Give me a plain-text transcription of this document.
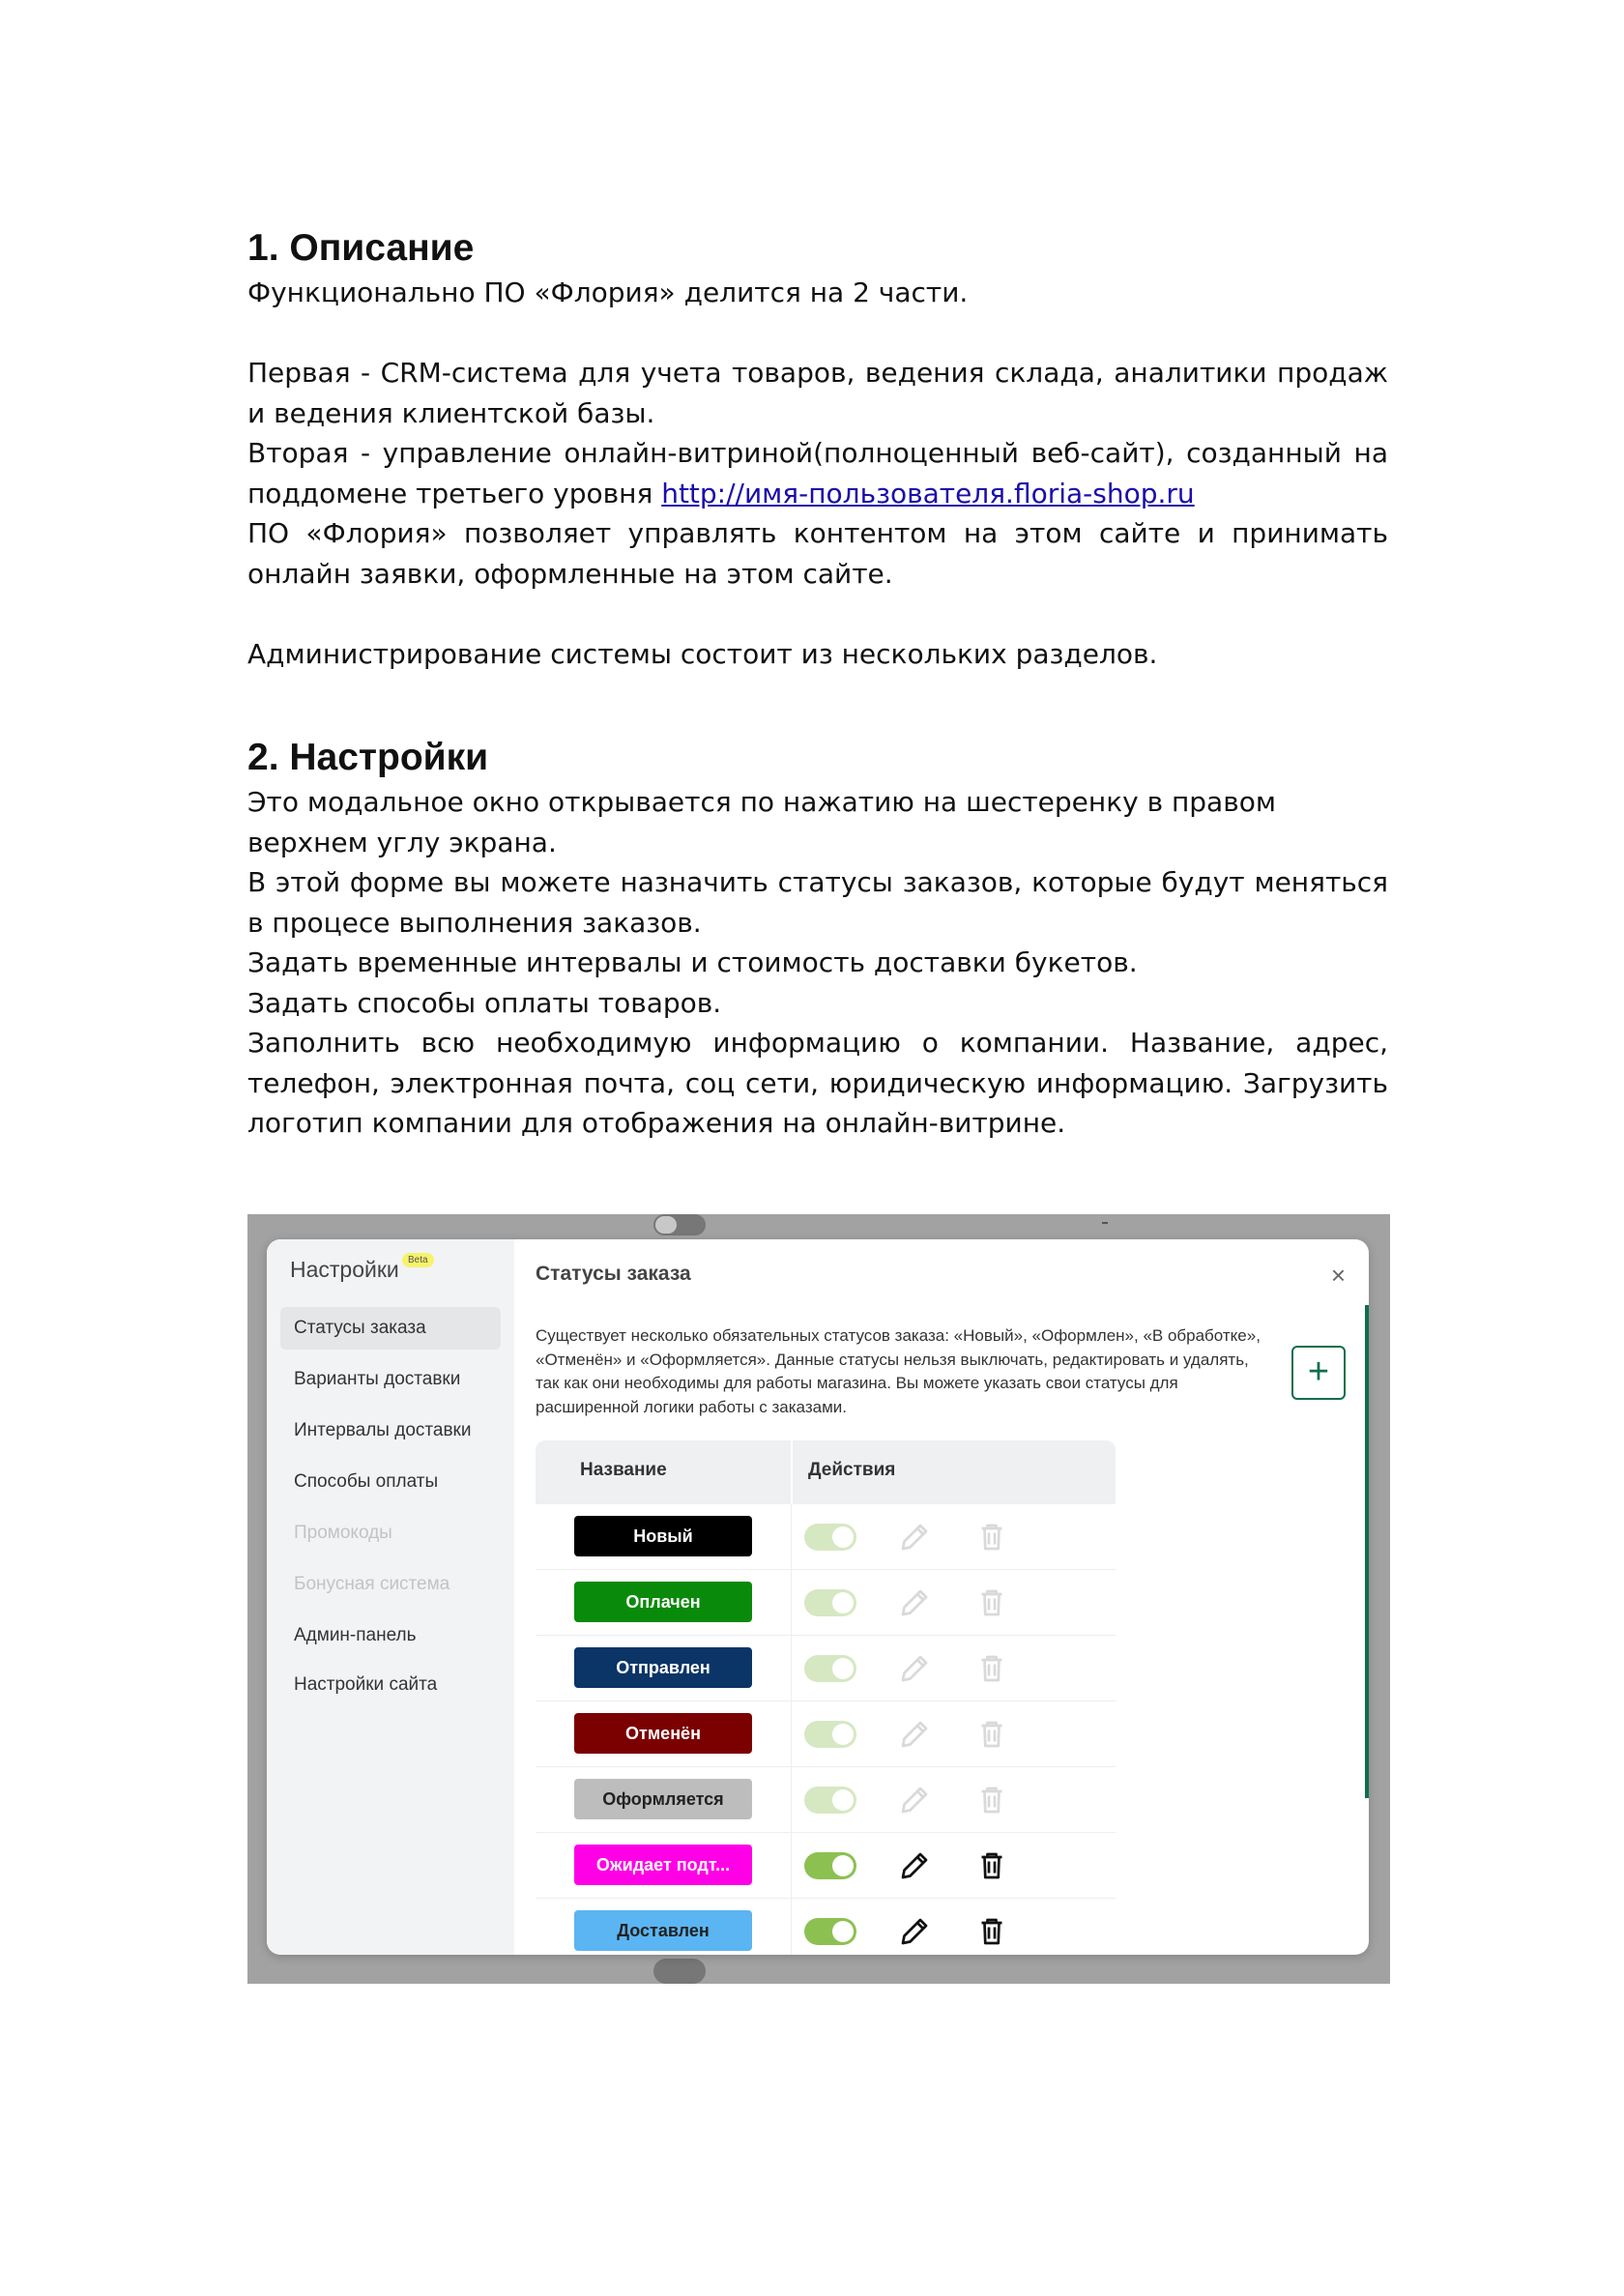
1. Описание
Функционально ПО «Флория» делится на 2 части.
Первая - CRM-система для учета товаров, ведения склада, аналитики продаж и ведения клиентской базы.
Вторая - управление онлайн-витриной(полноценный веб-сайт), созданный на поддомене третьего уровня http://имя-пользователя.floria-shop.ru
ПО «Флория» позволяет управлять контентом на этом сайте и принимать онлайн заявки, оформленные на этом сайте.
Администрирование системы состоит из нескольких разделов.
2. Настройки
Это модальное окно открывается по нажатию на шестеренку в правом верхнем углу экрана.
В этой форме вы можете назначить статусы заказов, которые будут меняться в процесе выполнения заказов.
Задать временные интервалы и стоимость доставки букетов.
Задать способы оплаты товаров.
Заполнить всю необходимую информацию о компании. Название, адрес, телефон, электронная почта, соц сети, юридическую информацию. Загрузить логотип компании для отображения на онлайн-витрине.
Настройки Beta
Статусы заказа
Варианты доставки
Интервалы доставки
Способы оплаты
Промокоды
Бонусная система
Админ-панель
Настройки сайта
Статусы заказа	×
Существует несколько обязательных статусов заказа: «Новый», «Оформлен», «В обработке», «Отменён» и «Оформляется». Данные статусы нельзя выключать, редактировать и удалять, так как они необходимы для работы магазина. Вы можете указать свои статусы для расширенной логики работы с заказами.
+
Название	Действия
Новый
Оплачен
Отправлен
Отменён
Оформляется
Ожидает подт...
Доставлен
